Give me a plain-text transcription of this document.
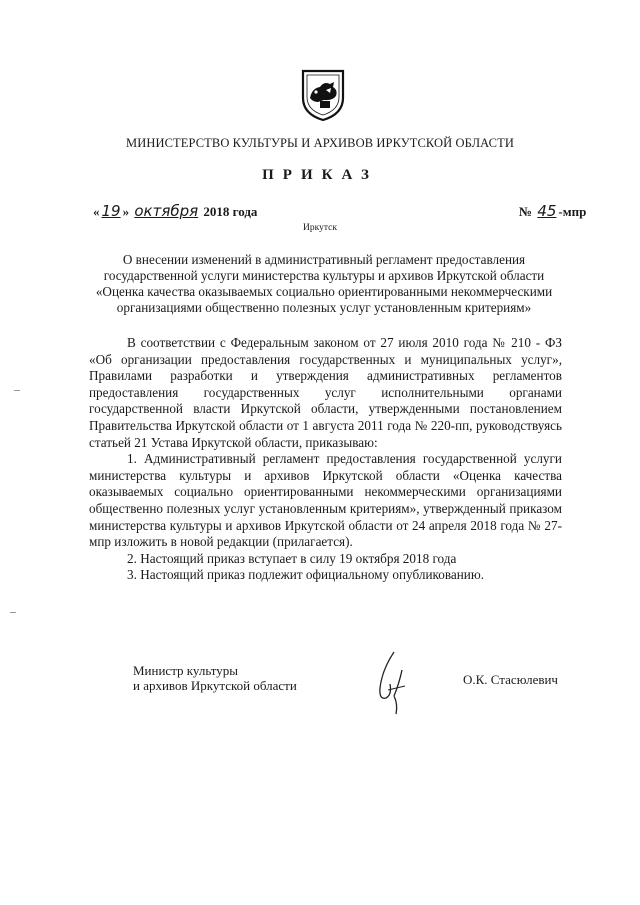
МИНИСТЕРСТВО КУЛЬТУРЫ И АРХИВОВ ИРКУТСКОЙ ОБЛАСТИ
ПРИКАЗ
« 19 » октября 2018 года
Иркутск
№ 45 -мпр
О внесении изменений в административный регламент предоставления государственной услуги министерства культуры и архивов Иркутской области «Оценка качества оказываемых социально ориентированными некоммерческими организациями общественно полезных услуг установленным критериям»

В соответствии с Федеральным законом от 27 июля 2010 года № 210 - ФЗ «Об организации предоставления государственных и муниципальных услуг», Правилами разработки и утверждения административных регламентов предоставления государственных услуг исполнительными органами государственной власти Иркутской области, утвержденными постановлением Правительства Иркутской области от 1 августа 2011 года № 220-пп, руководствуясь статьей 21 Устава Иркутской области, приказываю:

1. Административный регламент предоставления государственной услуги министерства культуры и архивов Иркутской области «Оценка качества оказываемых социально ориентированными некоммерческими организациями общественно полезных услуг установленным критериям», утвержденный приказом министерства культуры и архивов Иркутской области от 24 апреля 2018 года № 27-мпр изложить в новой редакции (прилагается).

2. Настоящий приказ вступает в силу 19 октября 2018 года

3. Настоящий приказ подлежит официальному опубликованию.

Министр культуры
и архивов Иркутской области	О.К. Стасюлевич
